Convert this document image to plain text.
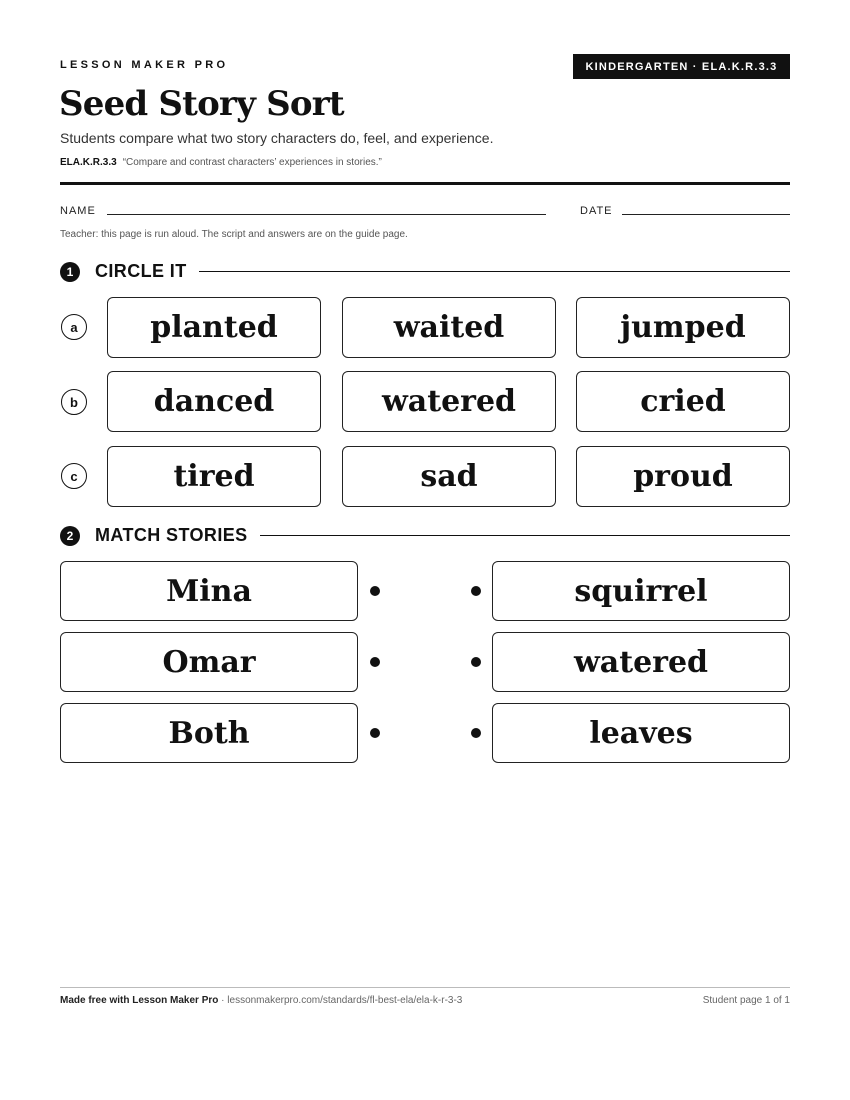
LESSON MAKER PRO	KINDERGARTEN · ELA.K.R.3.3
Seed Story Sort
Students compare what two story characters do, feel, and experience.
ELA.K.R.3.3 “Compare and contrast characters’ experiences in stories.”
NAME	DATE
Teacher: this page is run aloud. The script and answers are on the guide page.
1	CIRCLE IT
a	planted	waited	jumped
b	danced	watered	cried
c	tired	sad	proud
2	MATCH STORIES
Mina	squirrel
Omar	watered
Both	leaves
Made free with Lesson Maker Pro · lessonmakerpro.com/standards/fl-best-ela/ela-k-r-3-3	Student page 1 of 1
